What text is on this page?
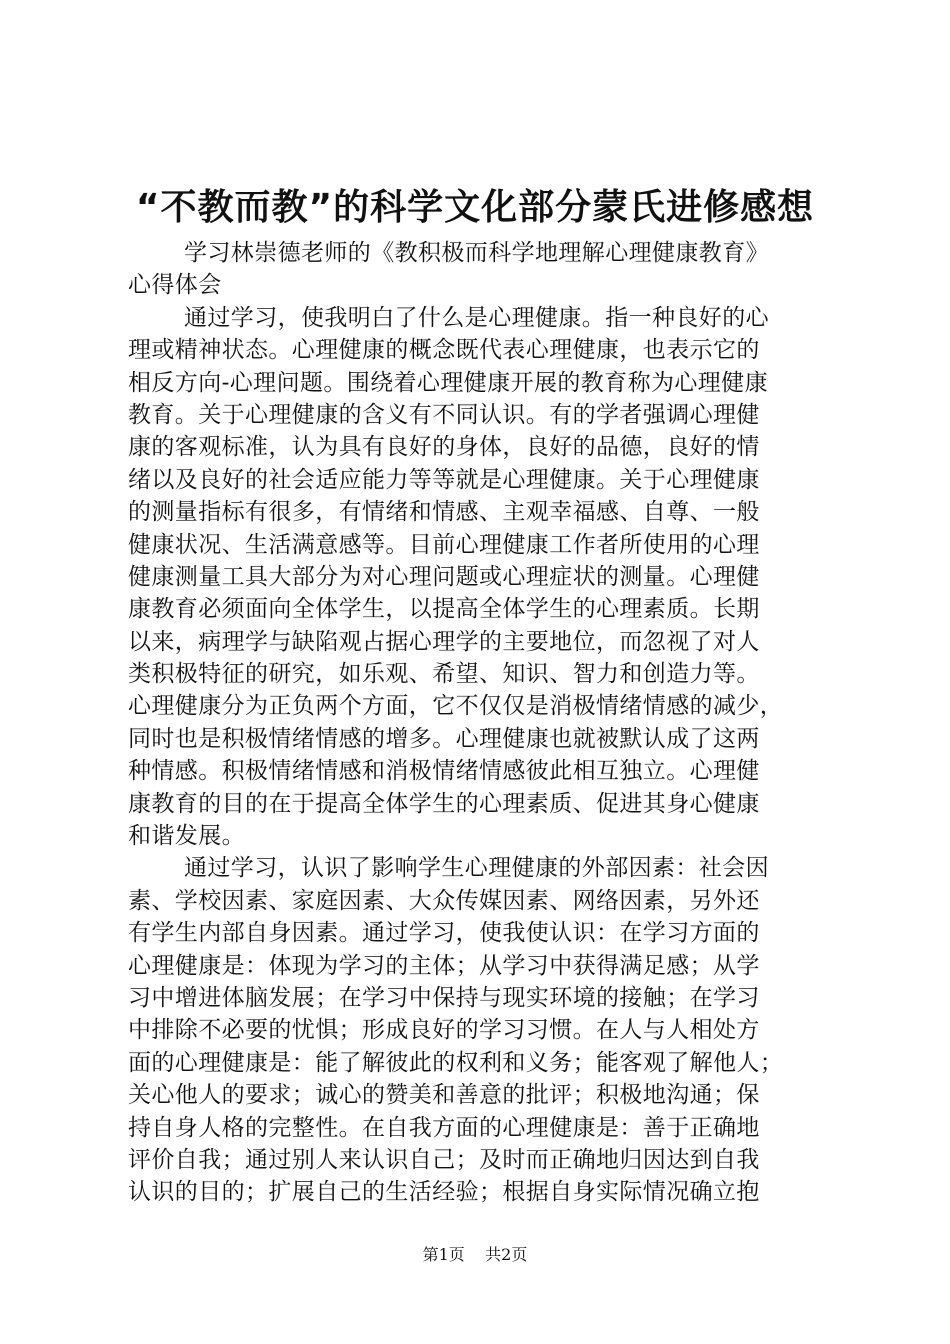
“不教而教”的科学文化部分蒙氏进修感想
学习林崇德老师的《教积极而科学地理解心理健康教育》
心得体会
通过学习，使我明白了什么是心理健康。指一种良好的心
理或精神状态。心理健康的概念既代表心理健康，也表示它的
相反方向-心理问题。围绕着心理健康开展的教育称为心理健康
教育。关于心理健康的含义有不同认识。有的学者强调心理健
康的客观标准，认为具有良好的身体，良好的品德，良好的情
绪以及良好的社会适应能力等等就是心理健康。关于心理健康
的测量指标有很多，有情绪和情感、主观幸福感、自尊、一般
健康状况、生活满意感等。目前心理健康工作者所使用的心理
健康测量工具大部分为对心理问题或心理症状的测量。心理健
康教育必须面向全体学生，以提高全体学生的心理素质。长期
以来，病理学与缺陷观占据心理学的主要地位，而忽视了对人
类积极特征的研究，如乐观、希望、知识、智力和创造力等。
心理健康分为正负两个方面，它不仅仅是消极情绪情感的减少，
同时也是积极情绪情感的增多。心理健康也就被默认成了这两
种情感。积极情绪情感和消极情绪情感彼此相互独立。心理健
康教育的目的在于提高全体学生的心理素质、促进其身心健康
和谐发展。
通过学习，认识了影响学生心理健康的外部因素：社会因
素、学校因素、家庭因素、大众传媒因素、网络因素，另外还
有学生内部自身因素。通过学习，使我使认识：在学习方面的
心理健康是：体现为学习的主体；从学习中获得满足感；从学
习中增进体脑发展；在学习中保持与现实环境的接触；在学习
中排除不必要的忧惧；形成良好的学习习惯。在人与人相处方
面的心理健康是：能了解彼此的权利和义务；能客观了解他人；
关心他人的要求；诚心的赞美和善意的批评；积极地沟通；保
持自身人格的完整性。在自我方面的心理健康是：善于正确地
评价自我；通过别人来认识自己；及时而正确地归因达到自我
认识的目的；扩展自己的生活经验；根据自身实际情况确立抱
第1页 共2页
